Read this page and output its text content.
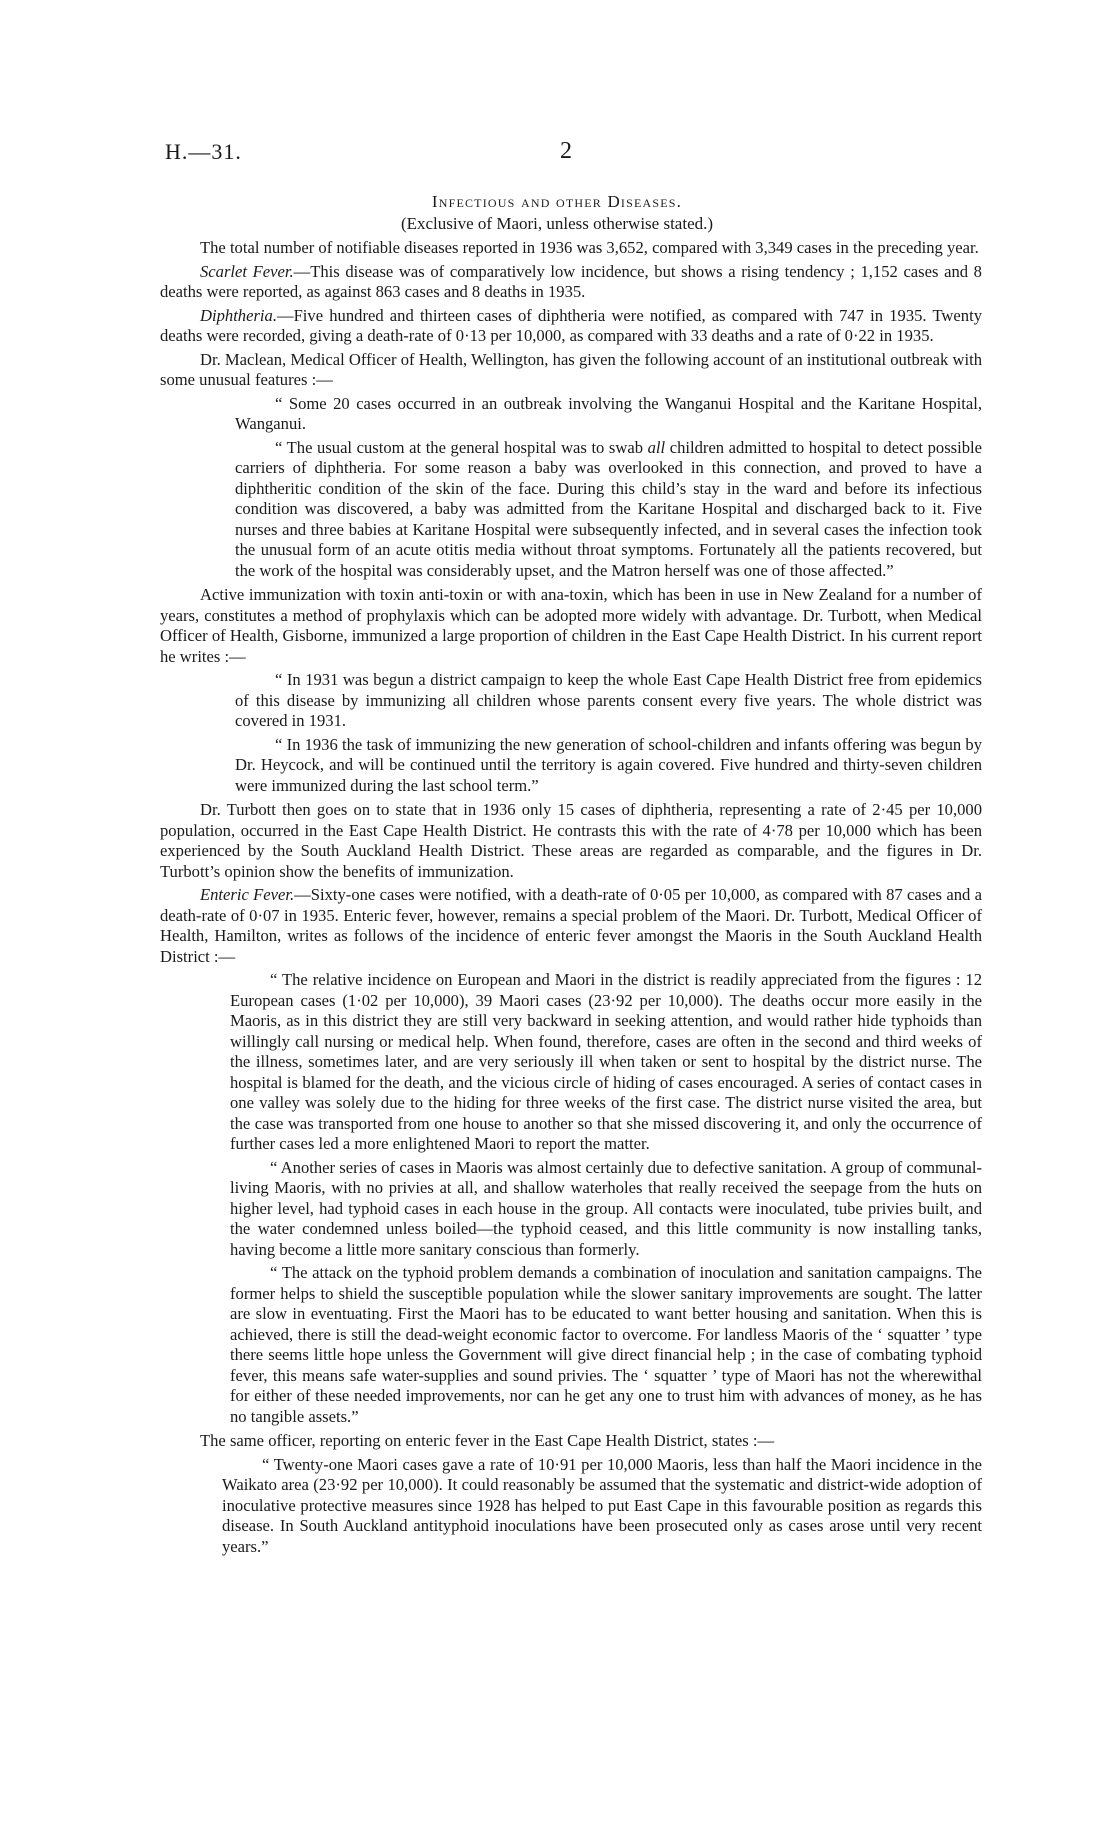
H.—31.	2
Infectious and other Diseases.
(Exclusive of Maori, unless otherwise stated.)

The total number of notifiable diseases reported in 1936 was 3,652, compared with 3,349 cases in the preceding year.

Scarlet Fever.—This disease was of comparatively low incidence, but shows a rising tendency ; 1,152 cases and 8 deaths were reported, as against 863 cases and 8 deaths in 1935.

Diphtheria.—Five hundred and thirteen cases of diphtheria were notified, as compared with 747 in 1935. Twenty deaths were recorded, giving a death-rate of 0·13 per 10,000, as compared with 33 deaths and a rate of 0·22 in 1935.

Dr. Maclean, Medical Officer of Health, Wellington, has given the following account of an institutional outbreak with some unusual features :—

“ Some 20 cases occurred in an outbreak involving the Wanganui Hospital and the Karitane Hospital, Wanganui.

“ The usual custom at the general hospital was to swab all children admitted to hospital to detect possible carriers of diphtheria. For some reason a baby was overlooked in this connection, and proved to have a diphtheritic condition of the skin of the face. During this child’s stay in the ward and before its infectious condition was discovered, a baby was admitted from the Karitane Hospital and discharged back to it. Five nurses and three babies at Karitane Hospital were subsequently infected, and in several cases the infection took the unusual form of an acute otitis media without throat symptoms. Fortunately all the patients recovered, but the work of the hospital was considerably upset, and the Matron herself was one of those affected.”

Active immunization with toxin anti-toxin or with ana-toxin, which has been in use in New Zealand for a number of years, constitutes a method of prophylaxis which can be adopted more widely with advantage. Dr. Turbott, when Medical Officer of Health, Gisborne, immunized a large proportion of children in the East Cape Health District. In his current report he writes :—

“ In 1931 was begun a district campaign to keep the whole East Cape Health District free from epidemics of this disease by immunizing all children whose parents consent every five years. The whole district was covered in 1931.

“ In 1936 the task of immunizing the new generation of school-children and infants offering was begun by Dr. Heycock, and will be continued until the territory is again covered. Five hundred and thirty-seven children were immunized during the last school term.”

Dr. Turbott then goes on to state that in 1936 only 15 cases of diphtheria, representing a rate of 2·45 per 10,000 population, occurred in the East Cape Health District. He contrasts this with the rate of 4·78 per 10,000 which has been experienced by the South Auckland Health District. These areas are regarded as comparable, and the figures in Dr. Turbott’s opinion show the benefits of immunization.

Enteric Fever.—Sixty-one cases were notified, with a death-rate of 0·05 per 10,000, as compared with 87 cases and a death-rate of 0·07 in 1935. Enteric fever, however, remains a special problem of the Maori. Dr. Turbott, Medical Officer of Health, Hamilton, writes as follows of the incidence of enteric fever amongst the Maoris in the South Auckland Health District :—

“ The relative incidence on European and Maori in the district is readily appreciated from the figures : 12 European cases (1·02 per 10,000), 39 Maori cases (23·92 per 10,000). The deaths occur more easily in the Maoris, as in this district they are still very backward in seeking attention, and would rather hide typhoids than willingly call nursing or medical help. When found, therefore, cases are often in the second and third weeks of the illness, sometimes later, and are very seriously ill when taken or sent to hospital by the district nurse. The hospital is blamed for the death, and the vicious circle of hiding of cases encouraged. A series of contact cases in one valley was solely due to the hiding for three weeks of the first case. The district nurse visited the area, but the case was transported from one house to another so that she missed discovering it, and only the occurrence of further cases led a more enlightened Maori to report the matter.

“ Another series of cases in Maoris was almost certainly due to defective sanitation. A group of communal-living Maoris, with no privies at all, and shallow waterholes that really received the seepage from the huts on higher level, had typhoid cases in each house in the group. All contacts were inoculated, tube privies built, and the water condemned unless boiled—the typhoid ceased, and this little community is now installing tanks, having become a little more sanitary conscious than formerly.

“ The attack on the typhoid problem demands a combination of inoculation and sanitation campaigns. The former helps to shield the susceptible population while the slower sanitary improvements are sought. The latter are slow in eventuating. First the Maori has to be educated to want better housing and sanitation. When this is achieved, there is still the dead-weight economic factor to overcome. For landless Maoris of the ‘ squatter ’ type there seems little hope unless the Government will give direct financial help ; in the case of combating typhoid fever, this means safe water-supplies and sound privies. The ‘ squatter ’ type of Maori has not the wherewithal for either of these needed improvements, nor can he get any one to trust him with advances of money, as he has no tangible assets.”

The same officer, reporting on enteric fever in the East Cape Health District, states :—

“ Twenty-one Maori cases gave a rate of 10·91 per 10,000 Maoris, less than half the Maori incidence in the Waikato area (23·92 per 10,000). It could reasonably be assumed that the systematic and district-wide adoption of inoculative protective measures since 1928 has helped to put East Cape in this favourable position as regards this disease. In South Auckland antityphoid inoculations have been prosecuted only as cases arose until very recent years.”
